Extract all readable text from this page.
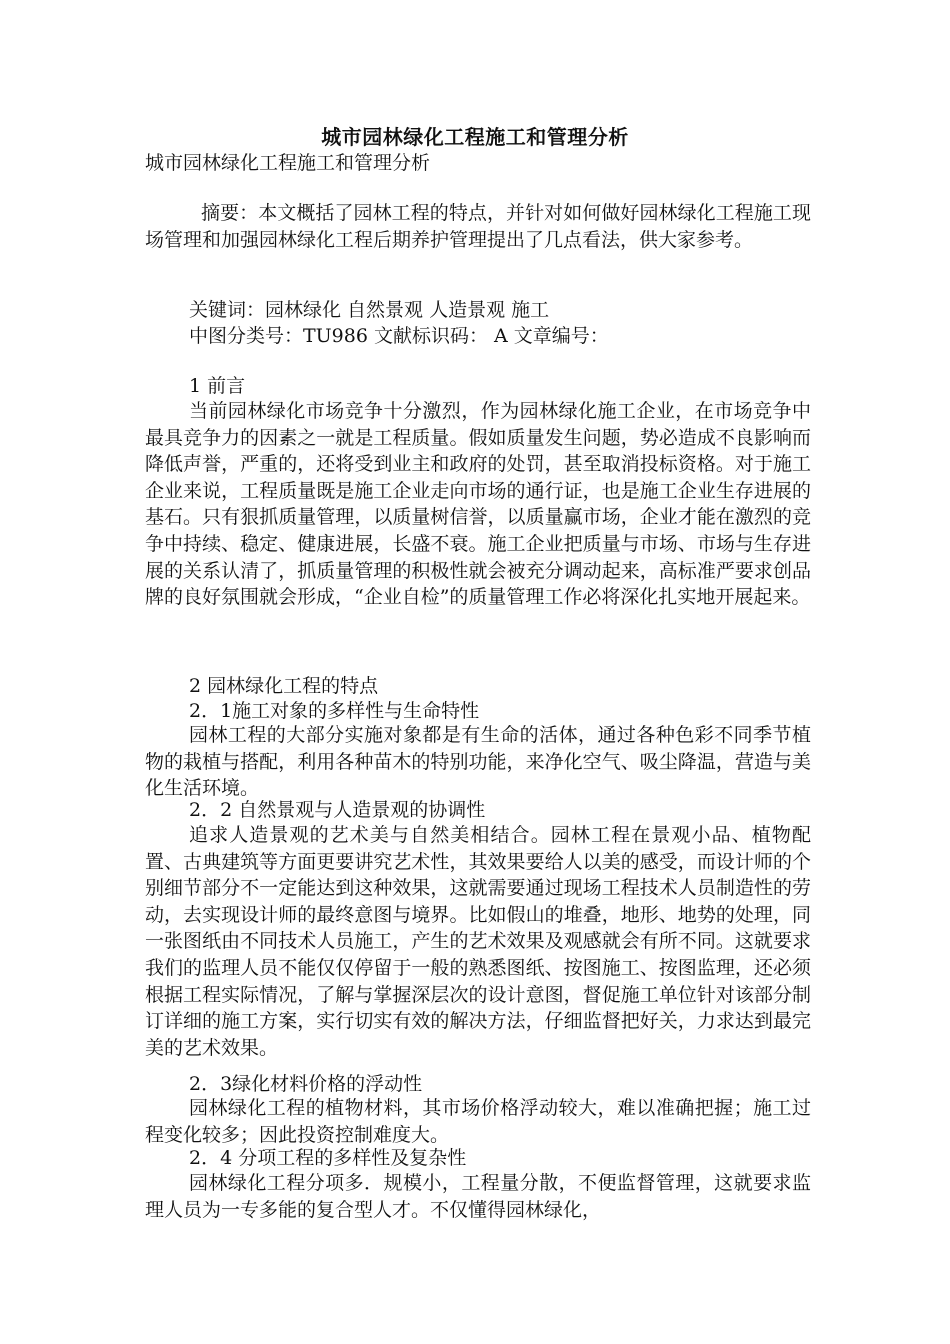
城市园林绿化工程施工和管理分析
城市园林绿化工程施工和管理分析
摘要：本文概括了园林工程的特点，并针对如何做好园林绿化工程施工现场管理和加强园林绿化工程后期养护管理提出了几点看法，供大家参考。
关键词：园林绿化 自然景观 人造景观 施工
中图分类号：TU986 文献标识码： A 文章编号：
1 前言
当前园林绿化市场竞争十分激烈，作为园林绿化施工企业，在市场竞争中最具竞争力的因素之一就是工程质量。假如质量发生问题，势必造成不良影响而降低声誉，严重的，还将受到业主和政府的处罚，甚至取消投标资格。对于施工企业来说，工程质量既是施工企业走向市场的通行证，也是施工企业生存进展的基石。只有狠抓质量管理，以质量树信誉，以质量赢市场，企业才能在激烈的竞争中持续、稳定、健康进展，长盛不衰。施工企业把质量与市场、市场与生存进展的关系认清了，抓质量管理的积极性就会被充分调动起来，高标准严要求创品牌的良好氛围就会形成，“企业自检”的质量管理工作必将深化扎实地开展起来。
2 园林绿化工程的特点
2．1施工对象的多样性与生命特性
园林工程的大部分实施对象都是有生命的活体，通过各种色彩不同季节植物的栽植与搭配，利用各种苗木的特别功能，来净化空气、吸尘降温，营造与美化生活环境。
2．2 自然景观与人造景观的协调性
追求人造景观的艺术美与自然美相结合。园林工程在景观小品、植物配置、古典建筑等方面更要讲究艺术性，其效果要给人以美的感受，而设计师的个别细节部分不一定能达到这种效果，这就需要通过现场工程技术人员制造性的劳动，去实现设计师的最终意图与境界。比如假山的堆叠，地形、地势的处理，同一张图纸由不同技术人员施工，产生的艺术效果及观感就会有所不同。这就要求我们的监理人员不能仅仅停留于一般的熟悉图纸、按图施工、按图监理，还必须根据工程实际情况，了解与掌握深层次的设计意图，督促施工单位针对该部分制订详细的施工方案，实行切实有效的解决方法，仔细监督把好关，力求达到最完美的艺术效果。
2．3绿化材料价格的浮动性
园林绿化工程的植物材料，其市场价格浮动较大，难以准确把握；施工过程变化较多；因此投资控制难度大。
2．4 分项工程的多样性及复杂性
园林绿化工程分项多．规模小，工程量分散，不便监督管理，这就要求监理人员为一专多能的复合型人才。不仅懂得园林绿化，
